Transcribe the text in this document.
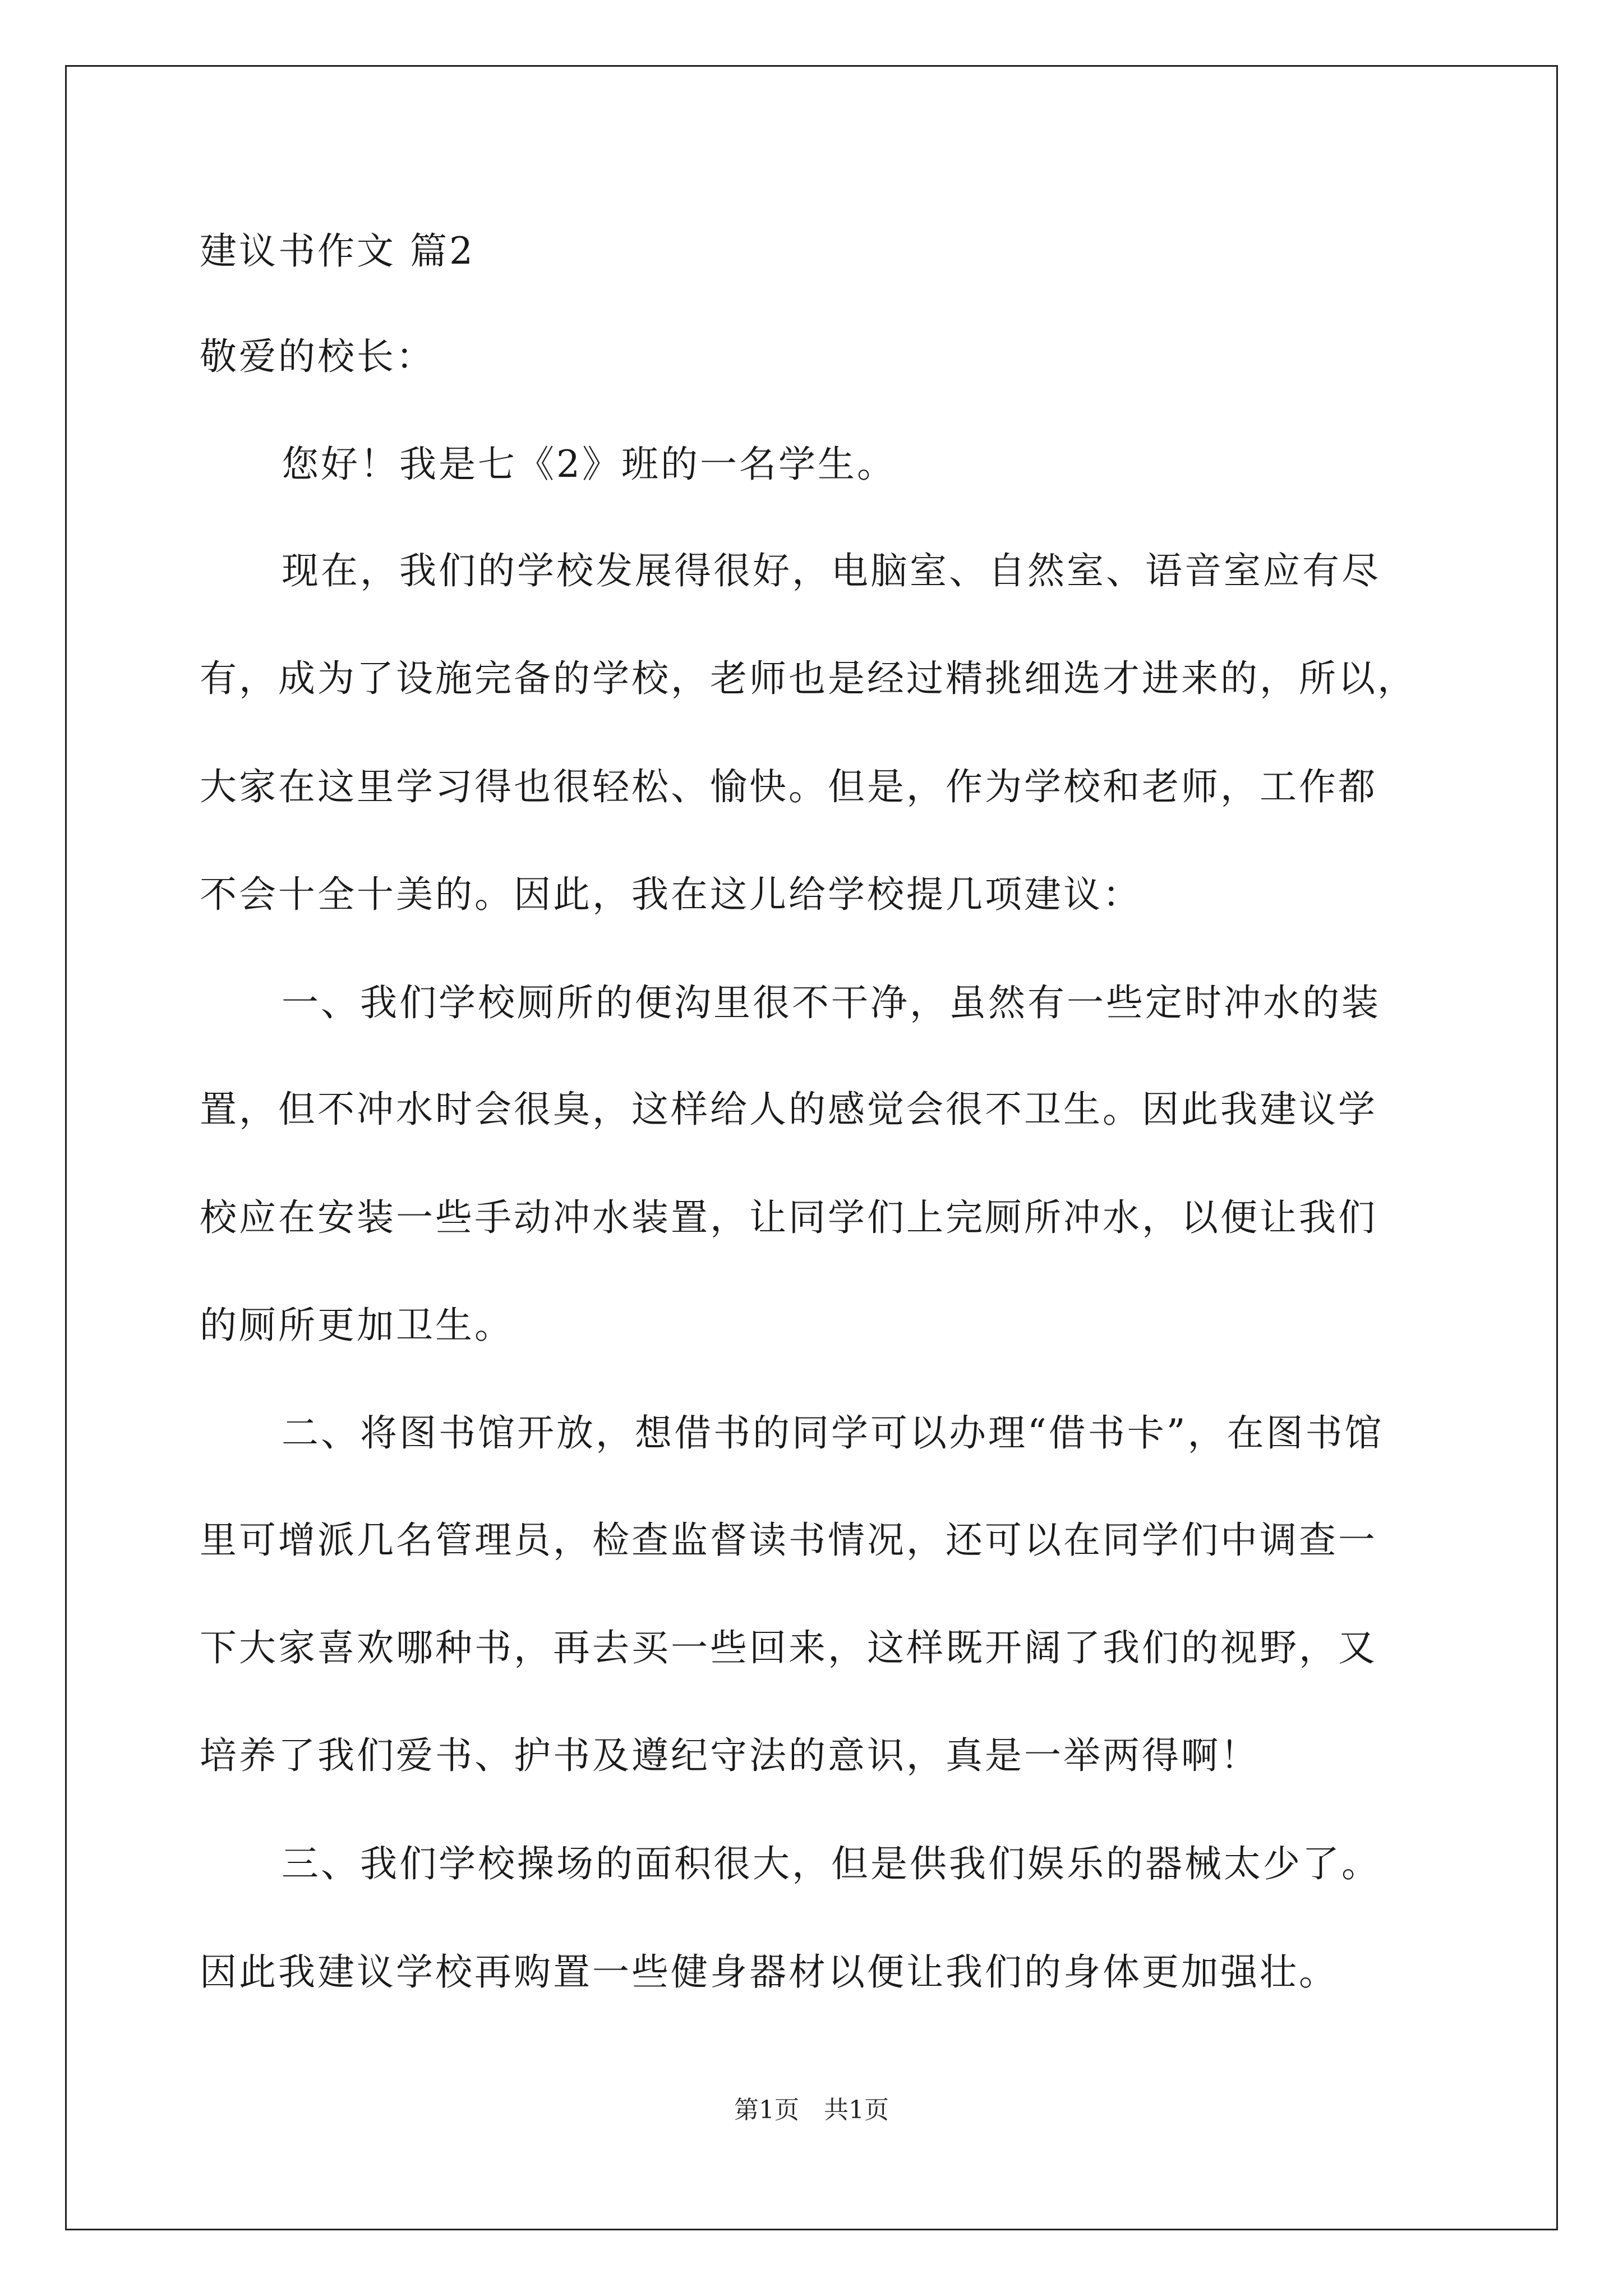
建议书作文 篇2

敬爱的校长：

您好！我是七《2》班的一名学生。

现在，我们的学校发展得很好，电脑室、自然室、语音室应有尽

有，成为了设施完备的学校，老师也是经过精挑细选才进来的，所以，

大家在这里学习得也很轻松、愉快。但是，作为学校和老师，工作都

不会十全十美的。因此，我在这儿给学校提几项建议：

一、我们学校厕所的便沟里很不干净，虽然有一些定时冲水的装

置，但不冲水时会很臭，这样给人的感觉会很不卫生。因此我建议学

校应在安装一些手动冲水装置，让同学们上完厕所冲水，以便让我们

的厕所更加卫生。

二、将图书馆开放，想借书的同学可以办理“借书卡”，在图书馆

里可增派几名管理员，检查监督读书情况，还可以在同学们中调查一

下大家喜欢哪种书，再去买一些回来，这样既开阔了我们的视野，又

培养了我们爱书、护书及遵纪守法的意识，真是一举两得啊！

三、我们学校操场的面积很大，但是供我们娱乐的器械太少了。

因此我建议学校再购置一些健身器材以便让我们的身体更加强壮。

第1页　共1页
